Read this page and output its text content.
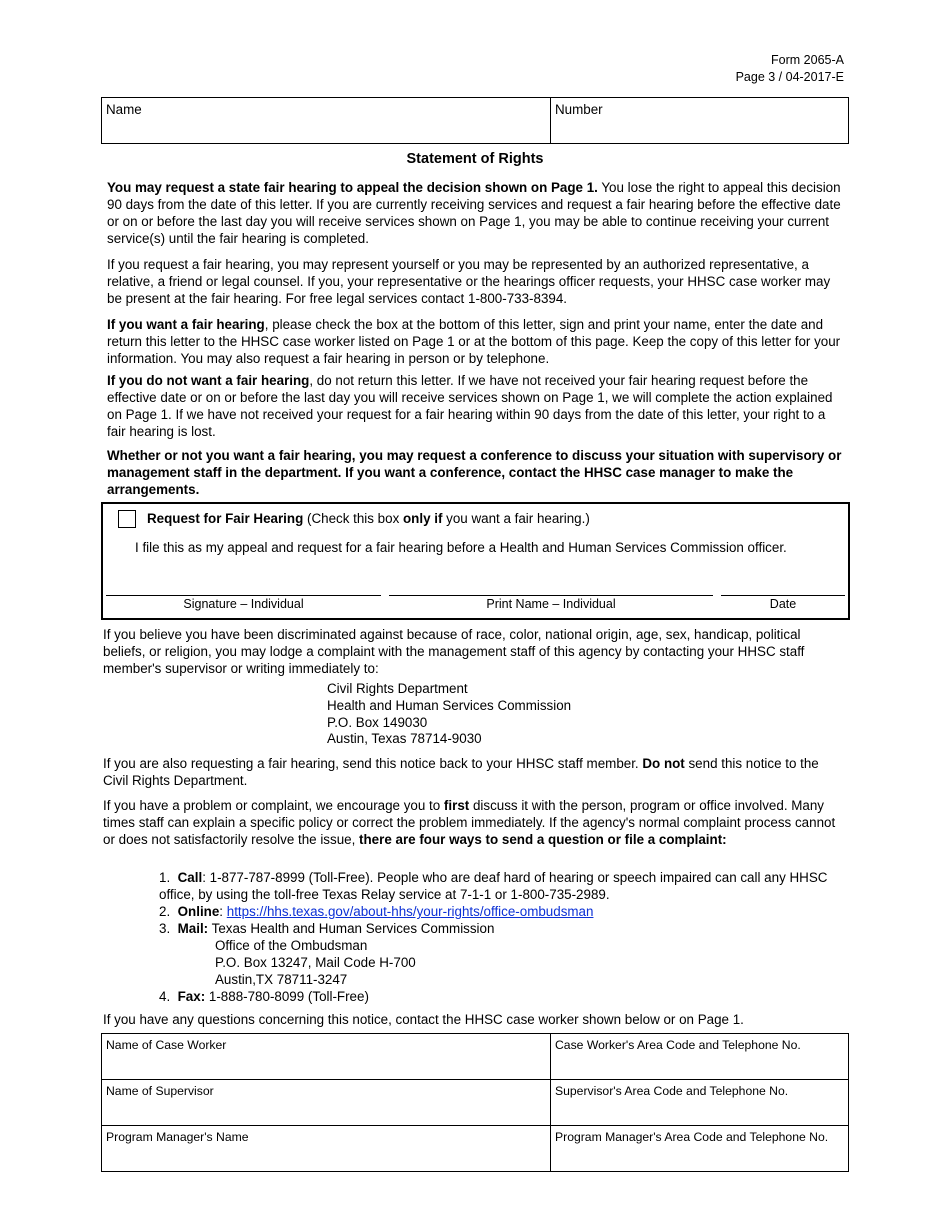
Form 2065-A
Page 3 / 04-2017-E
Name	Number
Statement of Rights

You may request a state fair hearing to appeal the decision shown on Page 1. You lose the right to appeal this decision 90 days from the date of this letter. If you are currently receiving services and request a fair hearing before the effective date or on or before the last day you will receive services shown on Page 1, you may be able to continue receiving your current service(s) until the fair hearing is completed.

If you request a fair hearing, you may represent yourself or you may be represented by an authorized representative, a relative, a friend or legal counsel. If you, your representative or the hearings officer requests, your HHSC case worker may be present at the fair hearing. For free legal services contact 1-800-733-8394.

If you want a fair hearing, please check the box at the bottom of this letter, sign and print your name, enter the date and return this letter to the HHSC case worker listed on Page 1 or at the bottom of this page. Keep the copy of this letter for your information. You may also request a fair hearing in person or by telephone.

If you do not want a fair hearing, do not return this letter. If we have not received your fair hearing request before the effective date or on or before the last day you will receive services shown on Page 1, we will complete the action explained on Page 1. If we have not received your request for a fair hearing within 90 days from the date of this letter, your right to a fair hearing is lost.

Whether or not you want a fair hearing, you may request a conference to discuss your situation with supervisory or management staff in the department. If you want a conference, contact the HHSC case manager to make the arrangements.

Request for Fair Hearing (Check this box only if you want a fair hearing.)
I file this as my appeal and request for a fair hearing before a Health and Human Services Commission officer.
Signature – Individual	Print Name – Individual	Date

If you believe you have been discriminated against because of race, color, national origin, age, sex, handicap, political beliefs, or religion, you may lodge a complaint with the management staff of this agency by contacting your HHSC staff member's supervisor or writing immediately to:

Civil Rights Department
Health and Human Services Commission
P.O. Box 149030
Austin, Texas 78714-9030

If you are also requesting a fair hearing, send this notice back to your HHSC staff member. Do not send this notice to the Civil Rights Department.

If you have a problem or complaint, we encourage you to first discuss it with the person, program or office involved. Many times staff can explain a specific policy or correct the problem immediately. If the agency's normal complaint process cannot or does not satisfactorily resolve the issue, there are four ways to send a question or file a complaint:

1. Call: 1-877-787-8999 (Toll-Free). People who are deaf hard of hearing or speech impaired can call any HHSC office, by using the toll-free Texas Relay service at 7-1-1 or 1-800-735-2989.
2. Online: https://hhs.texas.gov/about-hhs/your-rights/office-ombudsman
3. Mail: Texas Health and Human Services Commission
Office of the Ombudsman
P.O. Box 13247, Mail Code H-700
Austin,TX 78711-3247
4. Fax: 1-888-780-8099 (Toll-Free)

If you have any questions concerning this notice, contact the HHSC case worker shown below or on Page 1.

Name of Case Worker	Case Worker's Area Code and Telephone No.
Name of Supervisor	Supervisor's Area Code and Telephone No.
Program Manager's Name	Program Manager's Area Code and Telephone No.
